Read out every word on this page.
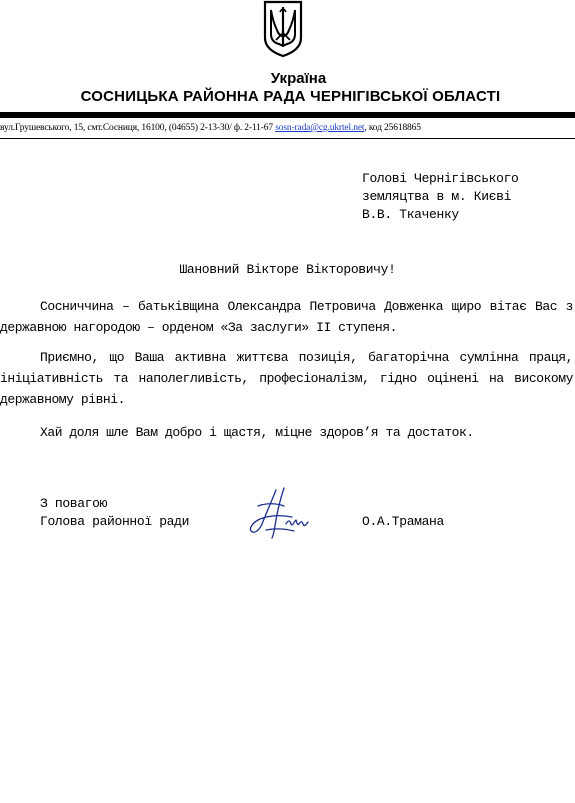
Україна
СОСНИЦЬКА РАЙОННА РАДА ЧЕРНІГІВСЬКОЇ ОБЛАСТІ
вул.Грушевського, 15, смт.Сосниця, 16100, (04655) 2-13-30/ ф. 2-11-67 sosn-rada@cg.ukrtel.net, код 25618865
Голові Чернігівського
земляцтва в м. Києві
В.В. Ткаченку
Шановний Вікторе Вікторовичу!
Сосниччина – батьківщина Олександра Петровича Довженка щиро вітає Вас з державною нагородою – орденом «За заслуги» ІІ ступеня.
Приємно, що Ваша активна життєва позиція, багаторічна сумлінна праця, ініціативність та наполегливість, професіоналізм, гідно оцінені на високому державному рівні.
Хай доля шле Вам добро і щастя, міцне здоров’я та достаток.
З повагою
Голова районної ради	О.А.Трамана
